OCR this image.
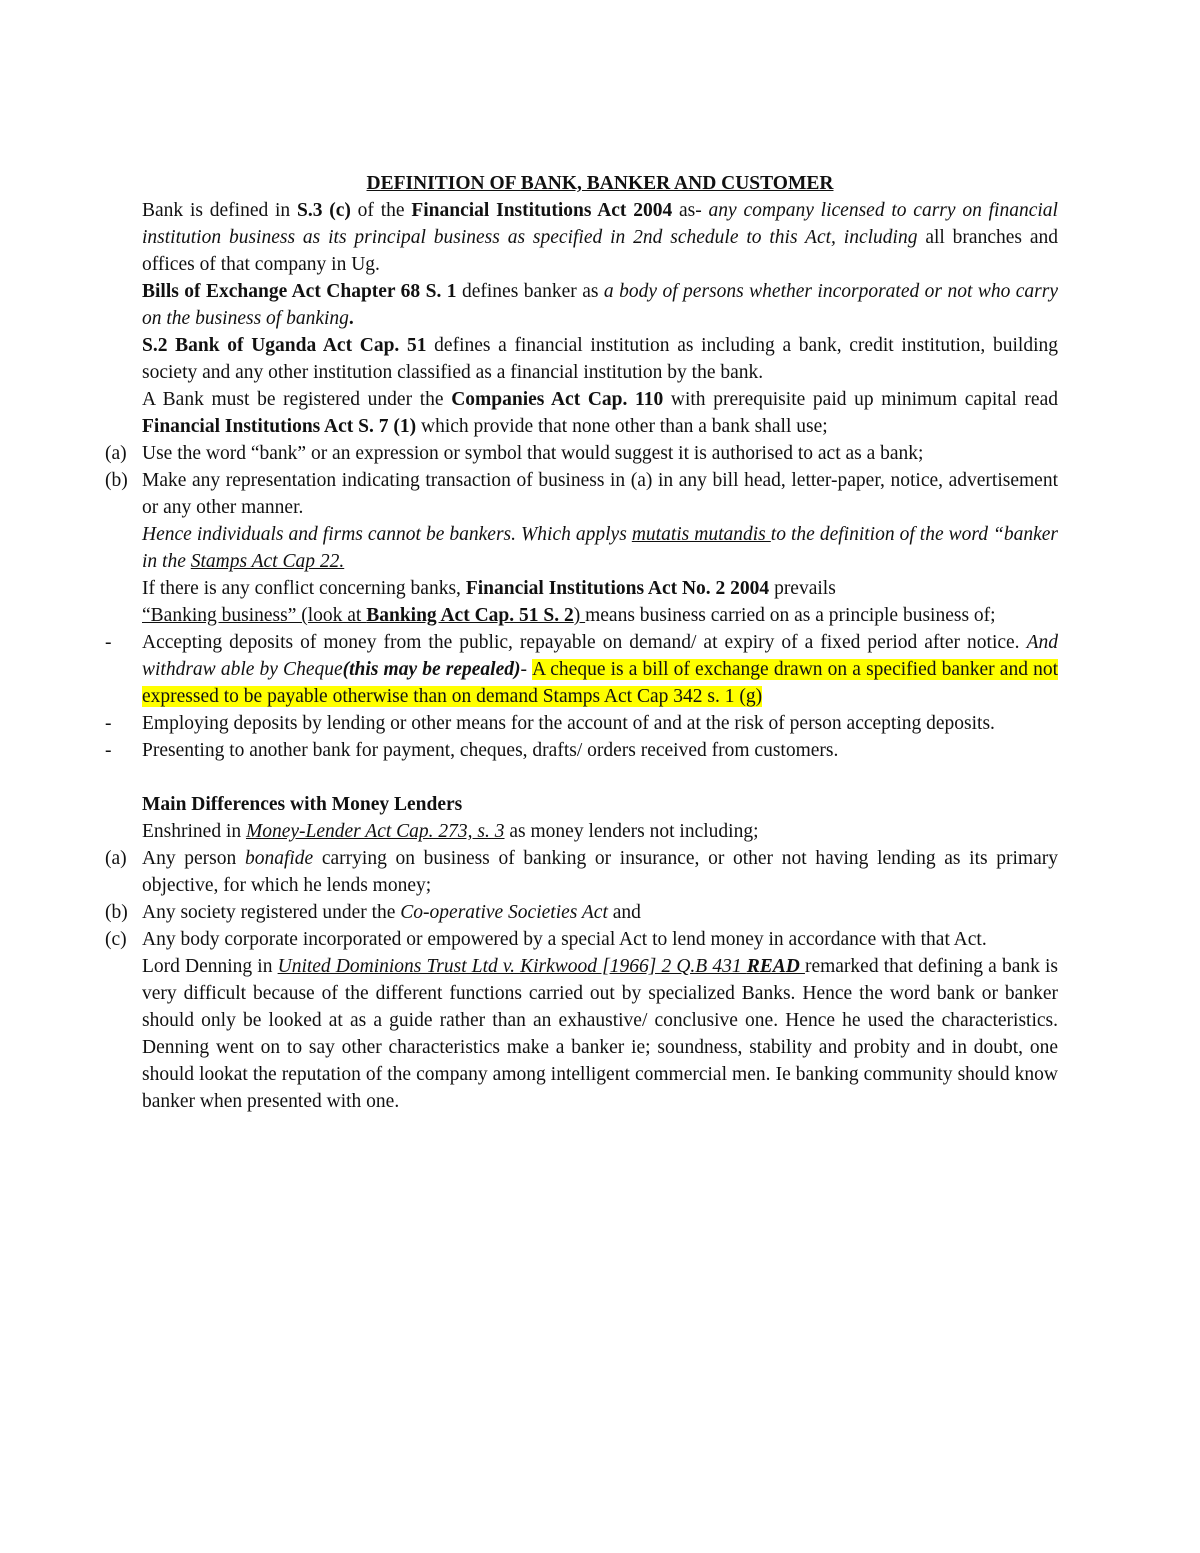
DEFINITION OF BANK, BANKER AND CUSTOMER

Bank is defined in S.3 (c) of the Financial Institutions Act 2004 as- any company licensed to carry on financial institution business as its principal business as specified in 2nd schedule to this Act, including all branches and offices of that company in Ug.

Bills of Exchange Act Chapter 68 S. 1 defines banker as a body of persons whether incorporated or not who carry on the business of banking.

S.2 Bank of Uganda Act Cap. 51 defines a financial institution as including a bank, credit institution, building society and any other institution classified as a financial institution by the bank.

A Bank must be registered under the Companies Act Cap. 110 with prerequisite paid up minimum capital read Financial Institutions Act S. 7 (1) which provide that none other than a bank shall use;

(a) Use the word “bank” or an expression or symbol that would suggest it is authorised to act as a bank;

(b) Make any representation indicating transaction of business in (a) in any bill head, letter-paper, notice, advertisement or any other manner.

Hence individuals and firms cannot be bankers. Which applys mutatis mutandis to the definition of the word “banker in the Stamps Act Cap 22.

If there is any conflict concerning banks, Financial Institutions Act No. 2 2004 prevails

“Banking business” (look at Banking Act Cap. 51 S. 2) means business carried on as a principle business of;

- Accepting deposits of money from the public, repayable on demand/ at expiry of a fixed period after notice. And withdraw able by Cheque(this may be repealed)- A cheque is a bill of exchange drawn on a specified banker and not expressed to be payable otherwise than on demand Stamps Act Cap 342 s. 1 (g)

- Employing deposits by lending or other means for the account of and at the risk of person accepting deposits.

- Presenting to another bank for payment, cheques, drafts/ orders received from customers.

Main Differences with Money Lenders

Enshrined in Money-Lender Act Cap. 273, s. 3 as money lenders not including;

(a) Any person bonafide carrying on business of banking or insurance, or other not having lending as its primary objective, for which he lends money;

(b) Any society registered under the Co-operative Societies Act and

(c) Any body corporate incorporated or empowered by a special Act to lend money in accordance with that Act.

Lord Denning in United Dominions Trust Ltd v. Kirkwood [1966] 2 Q.B 431 READ remarked that defining a bank is very difficult because of the different functions carried out by specialized Banks. Hence the word bank or banker should only be looked at as a guide rather than an exhaustive/ conclusive one. Hence he used the characteristics. Denning went on to say other characteristics make a banker ie; soundness, stability and probity and in doubt, one should lookat the reputation of the company among intelligent commercial men. Ie banking community should know banker when presented with one.
